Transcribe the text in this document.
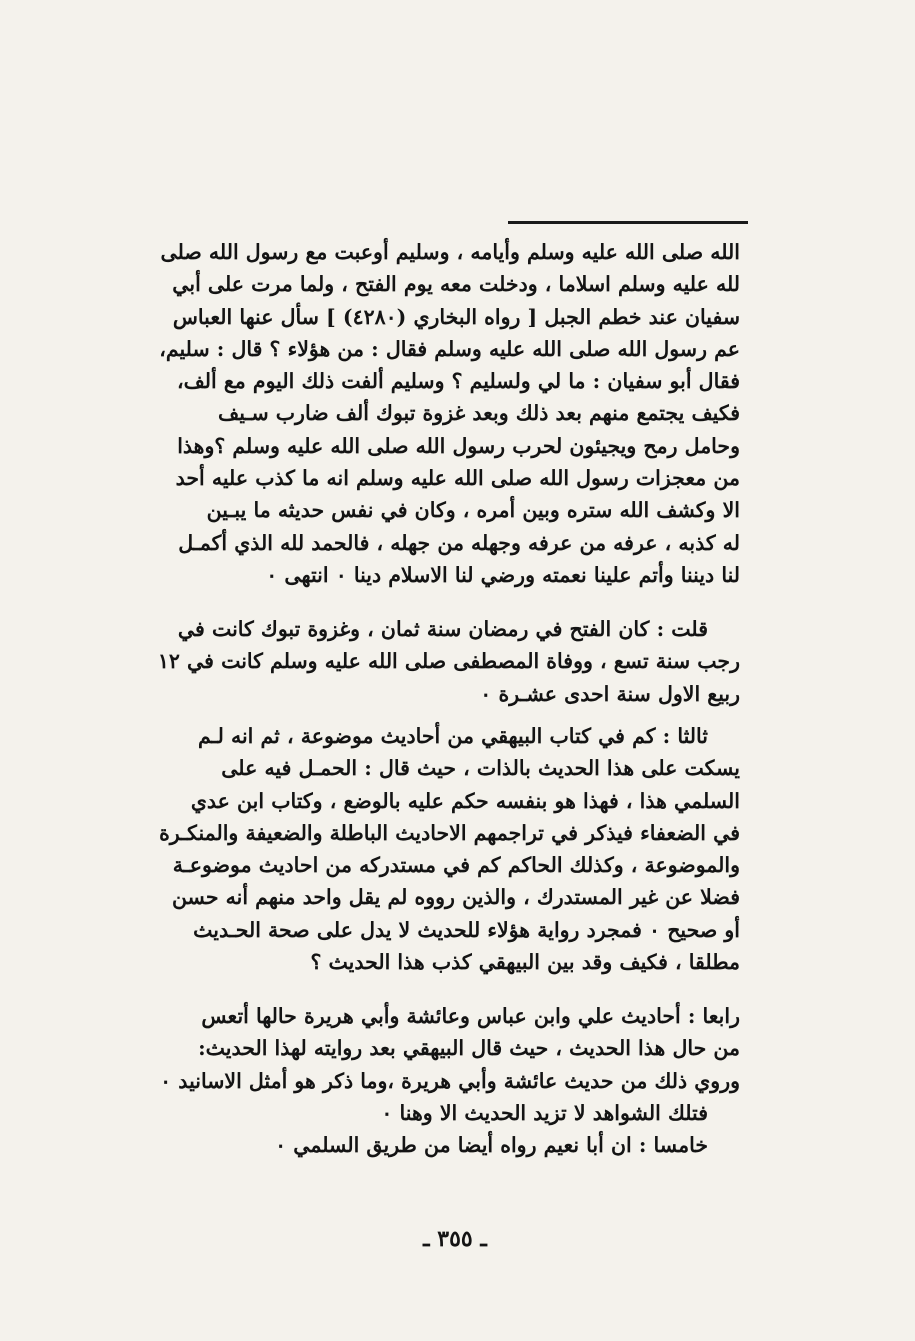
الله صلى الله عليه وسلم وأيامه ، وسليم أوعبت مع رسول الله صلى
لله عليه وسلم اسلاما ، ودخلت معه يوم الفتح ، ولما مرت على أبي
سفيان عند خطم الجبل [ رواه البخاري (٤٢٨٠) ] سأل عنها العباس
عم رسول الله صلى الله عليه وسلم فقال : من هؤلاء ؟ قال : سليم،
فقال أبو سفيان : ما لي ولسليم ؟ وسليم ألفت ذلك اليوم مع ألف،
فكيف يجتمع منهم بعد ذلك وبعد غزوة تبوك ألف ضارب سـيف
وحامل رمح ويجيئون لحرب رسول الله صلى الله عليه وسلم ؟وهذا
من معجزات رسول الله صلى الله عليه وسلم انه ما كذب عليه أحد
الا وكشف الله ستره وبين أمره ، وكان في نفس حديثه ما يبـين
له كذبه ، عرفه من عرفه وجهله من جهله ، فالحمد لله الذي أكمـل
لنا ديننا وأتم علينا نعمته ورضي لنا الاسلام دينا ٠ انتهى ٠
قلت : كان الفتح في رمضان سنة ثمان ، وغزوة تبوك كانت في
رجب سنة تسع ، ووفاة المصطفى صلى الله عليه وسلم كانت في ١٢
ربيع الاول سنة احدى عشـرة ٠
ثالثا : كم في كتاب البيهقي من أحاديث موضوعة ، ثم انه لـم
يسكت على هذا الحديث بالذات ، حيث قال : الحمـل فيه على
السلمي هذا ، فهذا هو بنفسه حكم عليه بالوضع ، وكتاب ابن عدي
في الضعفاء فيذكر في تراجمهم الاحاديث الباطلة والضعيفة والمنكـرة
والموضوعة ، وكذلك الحاكم كم في مستدركه من احاديث موضوعـة
فضلا عن غير المستدرك ، والذين رووه لم يقل واحد منهم أنه حسن
أو صحيح ٠ فمجرد رواية هؤلاء للحديث لا يدل على صحة الحـديث
مطلقا ، فكيف وقد بين البيهقي كذب هذا الحديث ؟
رابعا : أحاديث علي وابن عباس وعائشة وأبي هريرة حالها أتعس
من حال هذا الحديث ، حيث قال البيهقي بعد روايته لهذا الحديث:
وروي ذلك من حديث عائشة وأبي هريرة ،وما ذكر هو أمثل الاسانيد ٠
فتلك الشواهد لا تزيد الحديث الا وهنا ٠
خامسا : ان أبا نعيم رواه أيضا من طريق السلمي ٠
ـ ٣٥٥ ـ
